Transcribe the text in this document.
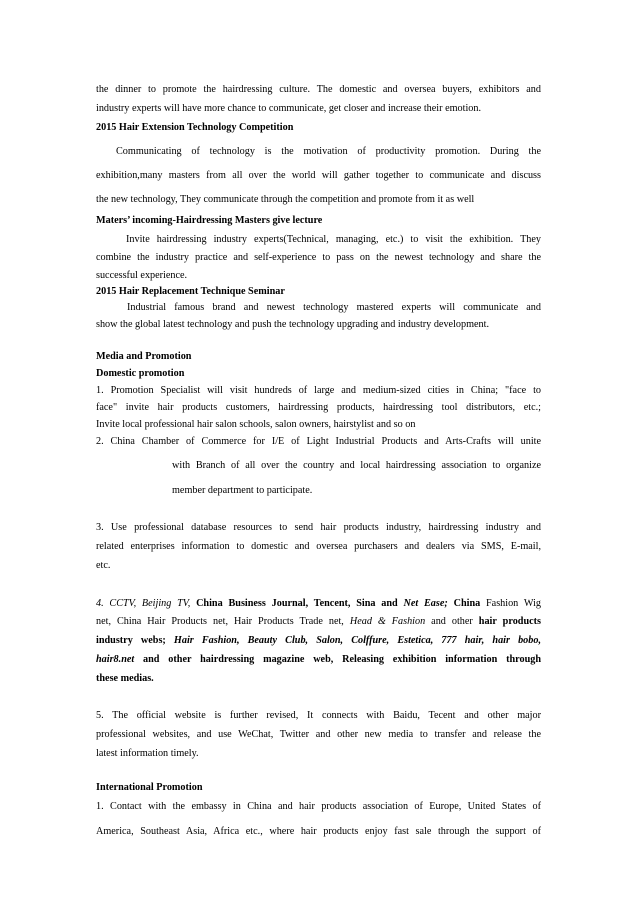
the dinner to promote the hairdressing culture. The domestic and oversea buyers, exhibitors and
industry experts will have more chance to communicate, get closer and increase their emotion.
2015 Hair Extension Technology Competition
Communicating of technology is the motivation of productivity promotion. During the
exhibition,many masters from all over the world will gather together to communicate and discuss
the new technology, They communicate through the competition and promote from it as well
Maters’ incoming-Hairdressing Masters give lecture
Invite hairdressing industry experts(Technical, managing, etc.) to visit the exhibition. They
combine the industry practice and self-experience to pass on the newest technology and share the
successful experience.
2015 Hair Replacement Technique Seminar
Industrial famous brand and newest technology mastered experts will communicate and
show the global latest technology and push the technology upgrading and industry development.
Media and Promotion
Domestic promotion
1. Promotion Specialist will visit hundreds of large and medium-sized cities in China; "face to
face" invite hair products customers, hairdressing products, hairdressing tool distributors, etc.;
Invite local professional hair salon schools, salon owners, hairstylist and so on
2. China Chamber of Commerce for I/E of Light Industrial Products and Arts-Crafts will unite
with Branch of all over the country and local hairdressing association to organize
member department to participate.
3. Use professional database resources to send hair products industry, hairdressing industry and
related enterprises information to domestic and oversea purchasers and dealers via SMS, E-mail,
etc.
4. CCTV, Beijing TV, China Business Journal, Tencent, Sina and Net Ease; China Fashion Wig
net, China Hair Products net, Hair Products Trade net, Head & Fashion and other hair products
industry webs; Hair Fashion, Beauty Club, Salon, Colffure, Estetica, 777 hair, hair bobo,
hair8.net and other hairdressing magazine web, Releasing exhibition information through
these medias.
5. The official website is further revised, It connects with Baidu, Tecent and other major
professional websites, and use WeChat, Twitter and other new media to transfer and release the
latest information timely.
International Promotion
1. Contact with the embassy in China and hair products association of Europe, United States of
America, Southeast Asia, Africa etc., where hair products enjoy fast sale through the support of
